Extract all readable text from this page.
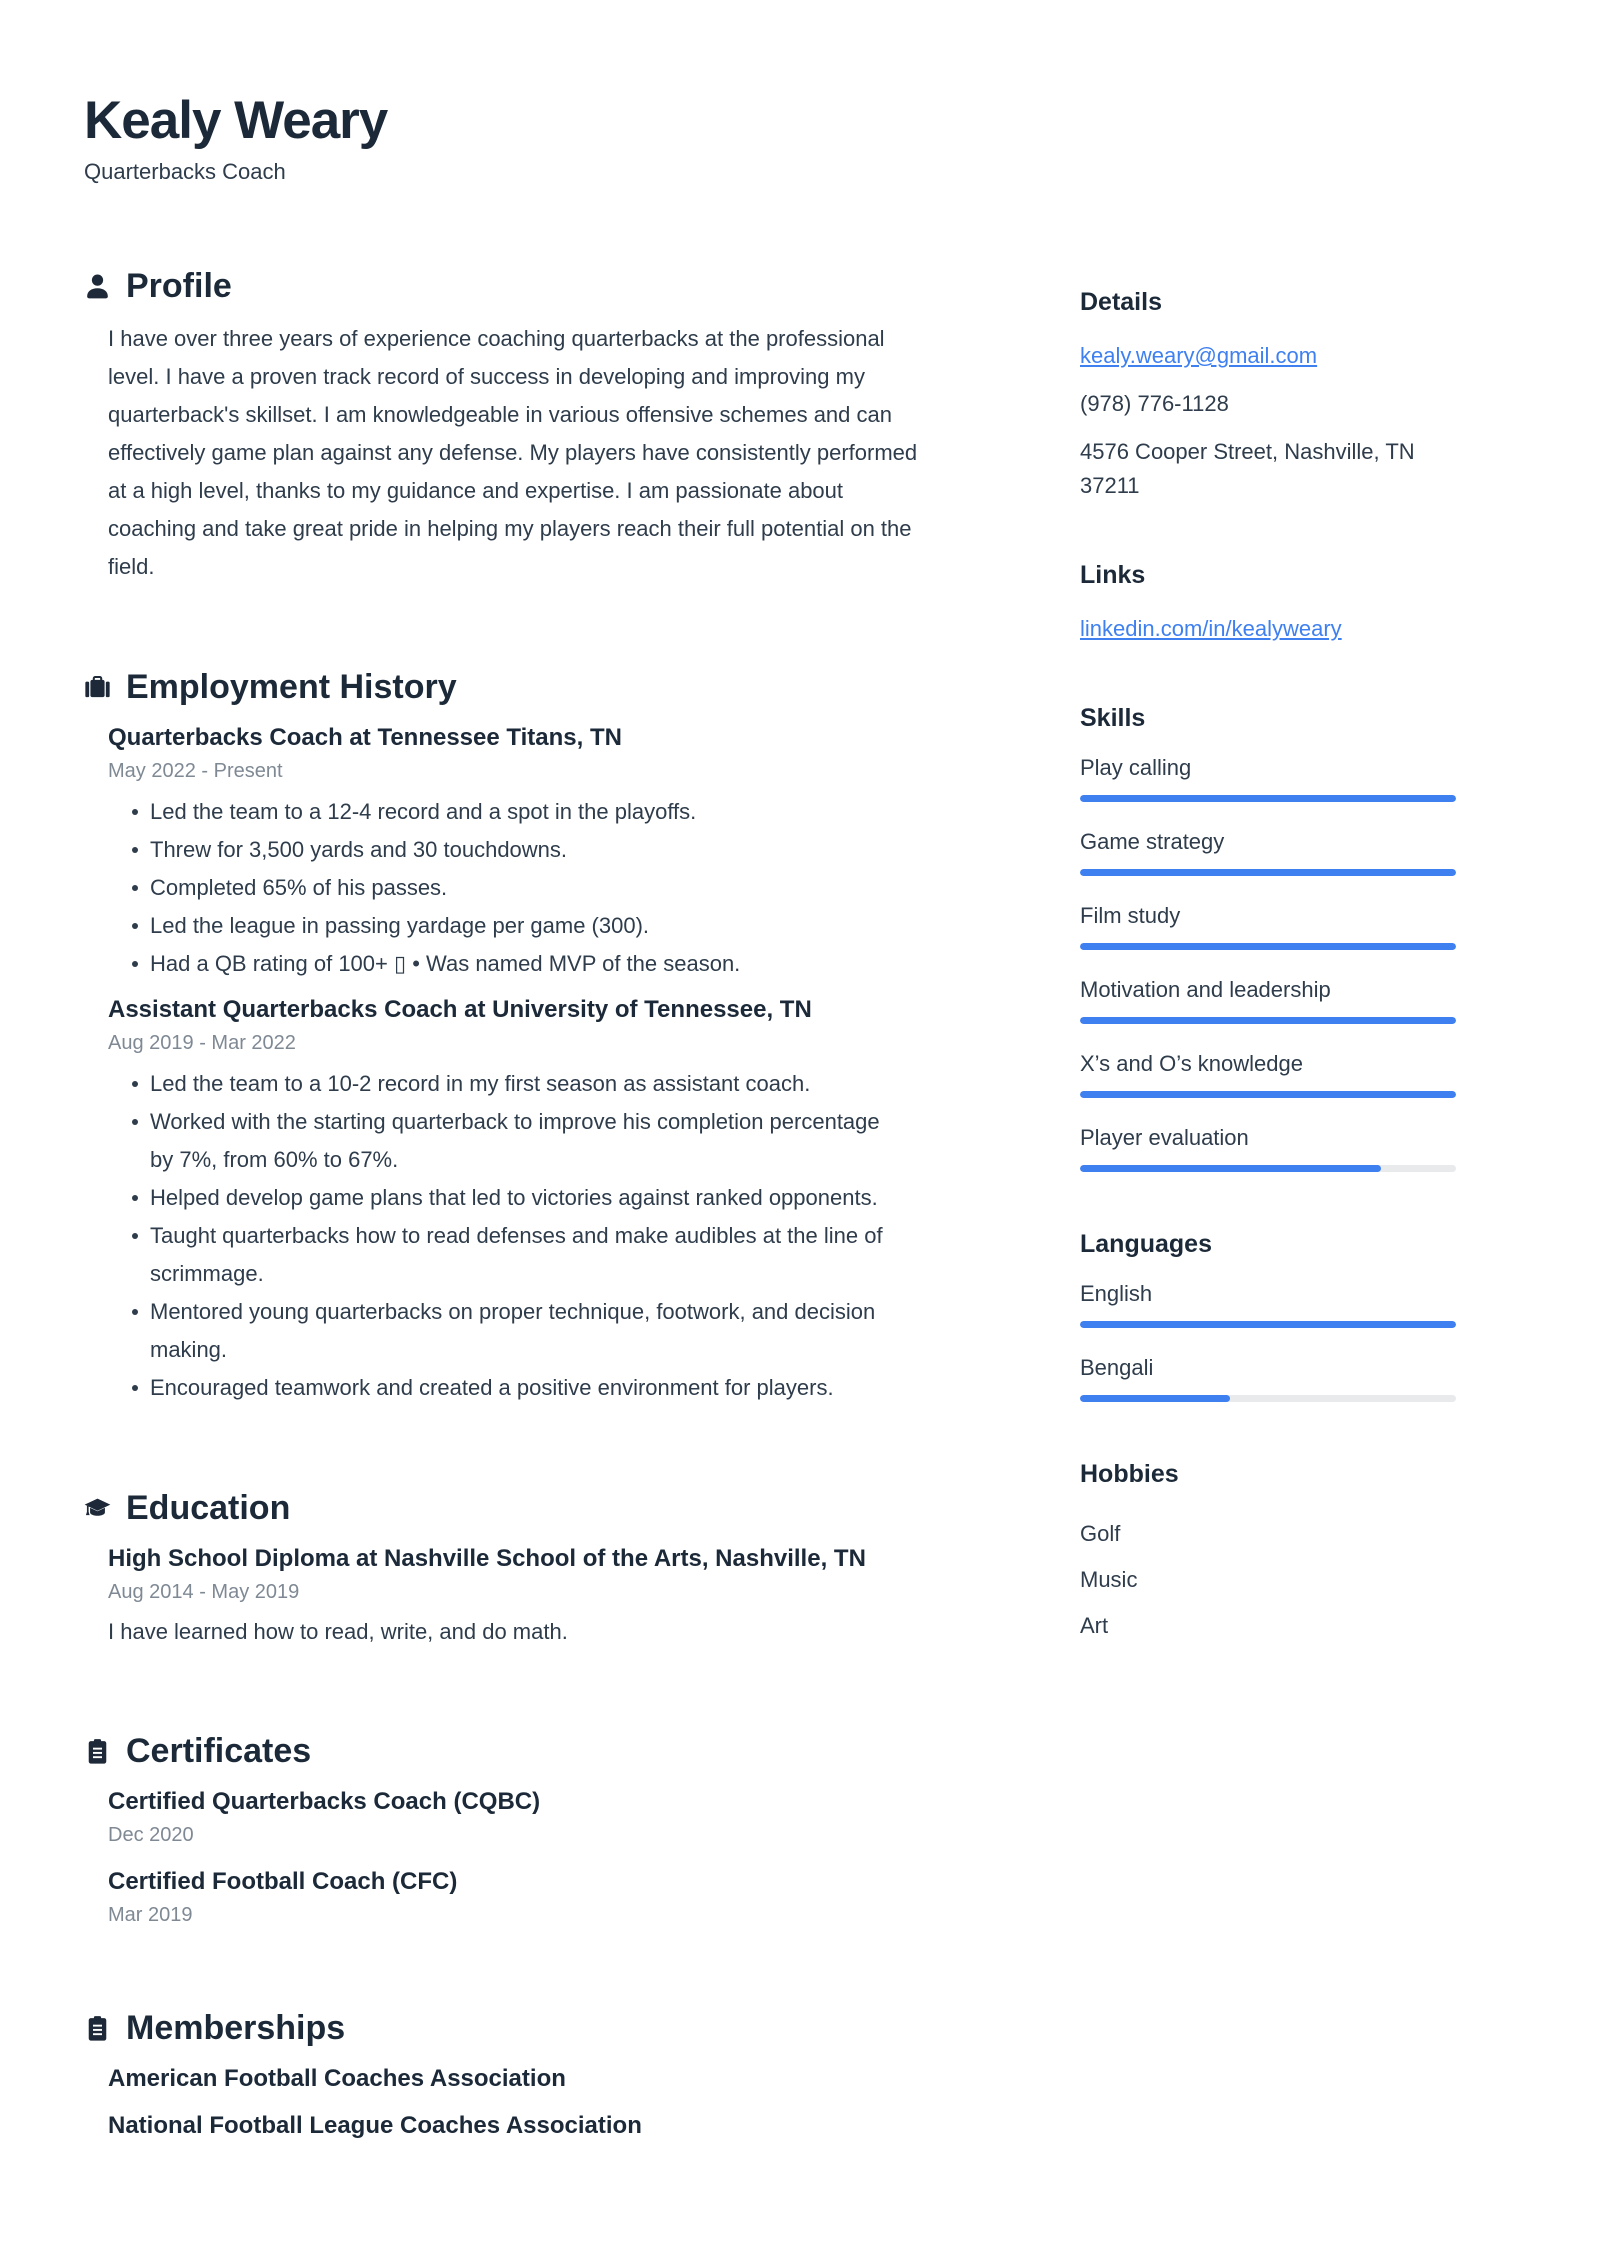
Kealy Weary
Quarterbacks Coach
Profile

I have over three years of experience coaching quarterbacks at the professional level. I have a proven track record of success in developing and improving my quarterback's skillset. I am knowledgeable in various offensive schemes and can effectively game plan against any defense. My players have consistently performed at a high level, thanks to my guidance and expertise. I am passionate about coaching and take great pride in helping my players reach their full potential on the field.

Employment History
Quarterbacks Coach at Tennessee Titans, TN
May 2022 - Present
Led the team to a 12-4 record and a spot in the playoffs.
Threw for 3,500 yards and 30 touchdowns.
Completed 65% of his passes.
Led the league in passing yardage per game (300).
Had a QB rating of 100+ ▯ • Was named MVP of the season.
Assistant Quarterbacks Coach at University of Tennessee, TN
Aug 2019 - Mar 2022
Led the team to a 10-2 record in my first season as assistant coach.
Worked with the starting quarterback to improve his completion percentage by 7%, from 60% to 67%.
Helped develop game plans that led to victories against ranked opponents.
Taught quarterbacks how to read defenses and make audibles at the line of scrimmage.
Mentored young quarterbacks on proper technique, footwork, and decision making.
Encouraged teamwork and created a positive environment for players.
Education
High School Diploma at Nashville School of the Arts, Nashville, TN
Aug 2014 - May 2019

I have learned how to read, write, and do math.

Certificates
Certified Quarterbacks Coach (CQBC)
Dec 2020
Certified Football Coach (CFC)
Mar 2019
Memberships
American Football Coaches Association
National Football League Coaches Association
Details
kealy.weary@gmail.com
(978) 776-1128
4576 Cooper Street, Nashville, TN
37211
Links
linkedin.com/in/kealyweary
Skills
Play calling
Game strategy
Film study
Motivation and leadership
X’s and O’s knowledge
Player evaluation
Languages
English
Bengali
Hobbies
Golf
Music
Art
